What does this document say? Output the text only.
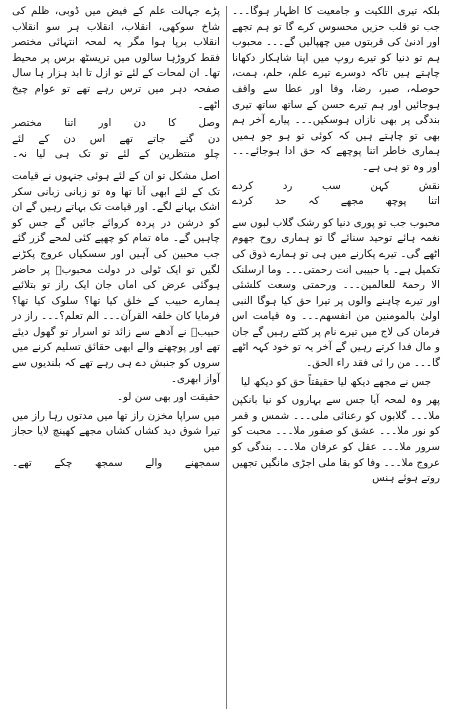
بلکہ تیری اللکیت و جامعیت کا اظہار ہوگا۔۔۔ جب تو قلب حزیں محسوس کرے گا تو ہم تجھے اور ادنیٰ کی قربتوں میں چھپالیں گے۔۔۔ محبوب ہم تو دنیا کو تیرے روپ میں اپنا شاہکار دکھانا چاہتے ہیں تاکہ دوسرے تیرے علم، حلم، ہمت، حوصلہ، صبر، رضا، وفا اور عطا سے واقف ہوجائیں اور ہم تیرے حسن کے ساتھ ساتھ تیری بندگی پر بھی نازاں ہوسکیں۔۔۔ پیارے آخر ہم بھی تو چاہتے ہیں کہ کوئی تو ہو جو ہمیں ہماری خاطر اتنا پوچھے کہ حق ادا ہوجائے۔۔۔ اور وہ تو ہی ہے۔

نقش کہن سب رد کردے
اتنا پوچھ مجھے کہ حد کردے

محبوب جب تو پوری دنیا کو رشک گلاب لبوں سے نغمہ ہائے توحید سنائے گا تو ہماری روح جھوم اٹھے گی۔ تیرے پکارنے میں ہی تو ہمارے ذوق کی تکمیل ہے۔ یا حبیبی انت رحمتی۔۔۔ وما ارسلنک الا رحمۃ للعالمین۔۔۔ ورحمتی وسعت کلشئی اور تیرے چاہنے والوں پر تیرا حق کیا ہوگا النبی اولیٰ بالمومنین من انفسھم۔۔۔ وہ قیامت اس فرمان کی لاج میں تیرے نام پر کٹتے رہیں گے جان و مال فدا کرتے رہیں گے آخر یہ تو خود کہہ اٹھے گا۔۔۔ من را ئی فقد راء الحق۔

جس نے مجھے دیکھ لیا حقیقتاً حق کو دیکھ لیا

پھر وہ لمحہ آیا جس سے بہاروں کو نیا بانکپن ملا۔۔۔ گلابوں کو رعنائی ملی۔۔۔ شمس و قمر کو نور ملا۔۔۔ عشق کو صفور ملا۔۔۔ محبت کو سرور ملا۔۔۔ عقل کو عرفان ملا۔۔۔ بندگی کو عروج ملا۔۔۔ وفا کو بقا ملی اجڑی مانگیں تجھیں روتے ہوئے ہنس

پڑے جہالت علم کے فیض میں ڈوبی، ظلم کی شاخ سوکھی، انقلاب، انقلاب ہر سو انقلاب انقلاب برپا ہوا مگر یہ لمحہ انتہائی مختصر فقط کروڑہا سالوں میں تریسٹھ برس پر محیط تھا۔ ان لمحات کے لئے تو ازل تا ابد ہزار ہا سال صفحہ دہر میں ترس رہے تھے تو عوام چیخ اٹھے۔

وصل کا دن اور اتنا مختصر
دن گنے جاتے تھے اس دن کے لئے
چلو منتظرین کے لئے تو تک ہی لیا نہ۔

اصل مشکل تو ان کے لئے ہوئی جنہوں نے قیامت تک کے لئے ابھی آنا تھا وہ تو زبانی زبانی سکر اشک بہانے لگے۔ اور قیامت تک بہاتے رہیں گے ان کو درشن در پردہ کروائے جائیں گے جس کو چاہیں گے۔ ماہ تمام کو چھپے کئی لمحے گزر گئے جب محبین کی آہیں اور سسکیاں عروج پکڑنے لگیں تو ایک ٹولی در دولت محبوبؐ پر حاضر ہوگئی عرض کی اماں جان ایک راز تو بتلائیے ہمارے حبیب کے خلق کیا تھا؟ سلوک کیا تھا؟ فرمایا کان خلقہ القرآن۔۔۔ الم تعلم؟۔۔۔ راز در حبیبؐ نے آدھے سے زائد تو اسرار تو گھول دیئے تھے اور پوچھنے والے ابھی حقائق تسلیم کرنے میں سروں کو جنبش دے ہی رہے تھے کہ بلندیوں سے آواز ابھری۔

حقیقت اور بھی سن لو۔

میں سراپا مخزن راز تھا میں مدتوں رہا راز میں
تیرا شوق دید کشاں کشاں مجھے کھینچ لایا حجاز میں
سمجھنے والے سمجھ چکے تھے۔
